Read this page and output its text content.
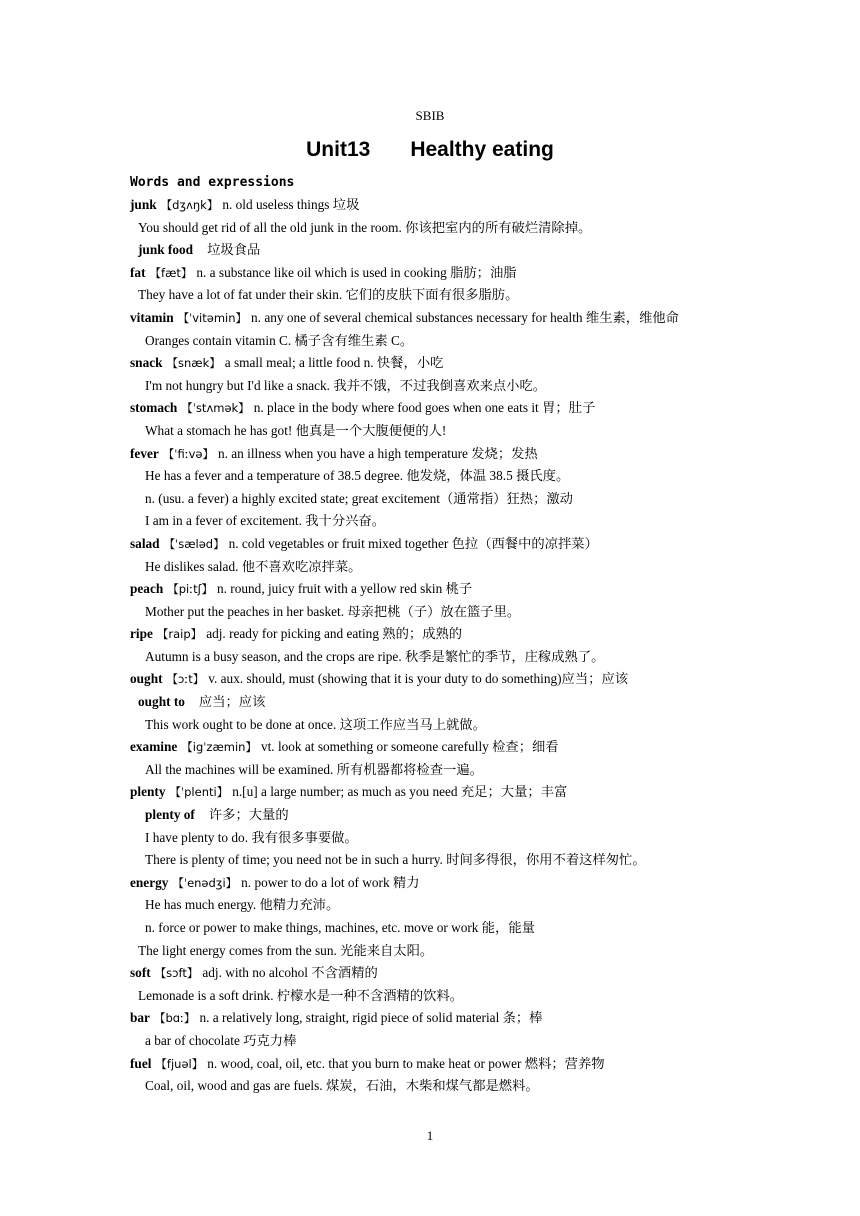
SBIB
Unit13 Healthy eating
Words and expressions
junk 【dʒʌŋk】 n. old useless things 垃圾
You should get rid of all the old junk in the room. 你该把室内的所有破烂清除掉。
junk food 垃圾食品
fat 【fæt】 n. a substance like oil which is used in cooking 脂肪；油脂
They have a lot of fat under their skin. 它们的皮肤下面有很多脂肪。
vitamin 【ˈvitəmin】 n. any one of several chemical substances necessary for health 维生素，维他命
Oranges contain vitamin C. 橘子含有维生素 C。
snack 【snæk】 a small meal; a little food n. 快餐，小吃
I'm not hungry but I'd like a snack. 我并不饿，不过我倒喜欢来点小吃。
stomach 【ˈstʌmək】 n. place in the body where food goes when one eats it 胃；肚子
What a stomach he has got! 他真是一个大腹便便的人!
fever 【ˈfiːvə】 n. an illness when you have a high temperature 发烧；发热
He has a fever and a temperature of 38.5 degree. 他发烧，体温 38.5 摄氏度。
n. (usu. a fever) a highly excited state; great excitement（通常指）狂热；激动
I am in a fever of excitement. 我十分兴奋。
salad 【ˈsæləd】 n. cold vegetables or fruit mixed together 色拉（西餐中的凉拌菜）
He dislikes salad. 他不喜欢吃凉拌菜。
peach 【piːtʃ】 n. round, juicy fruit with a yellow red skin 桃子
Mother put the peaches in her basket. 母亲把桃（子）放在篮子里。
ripe 【raip】 adj. ready for picking and eating 熟的；成熟的
Autumn is a busy season, and the crops are ripe. 秋季是繁忙的季节，庄稼成熟了。
ought 【ɔːt】 v. aux. should, must (showing that it is your duty to do something)应当；应该
ought to 应当；应该
This work ought to be done at once. 这项工作应当马上就做。
examine 【igˈzæmin】 vt. look at something or someone carefully 检查；细看
All the machines will be examined. 所有机器都将检查一遍。
plenty 【ˈplenti】 n.[u] a large number; as much as you need 充足；大量；丰富
plenty of 许多；大量的
I have plenty to do. 我有很多事要做。
There is plenty of time; you need not be in such a hurry. 时间多得很，你用不着这样匆忙。
energy 【ˈenədʒi】 n. power to do a lot of work 精力
He has much energy. 他精力充沛。
n. force or power to make things, machines, etc. move or work 能，能量
The light energy comes from the sun. 光能来自太阳。
soft 【sɔft】 adj. with no alcohol 不含酒精的
Lemonade is a soft drink. 柠檬水是一种不含酒精的饮料。
bar 【bɑː】 n. a relatively long, straight, rigid piece of solid material 条；棒
a bar of chocolate 巧克力棒
fuel 【fjuəl】 n. wood, coal, oil, etc. that you burn to make heat or power 燃料；营养物
Coal, oil, wood and gas are fuels. 煤炭，石油，木柴和煤气都是燃料。
1
